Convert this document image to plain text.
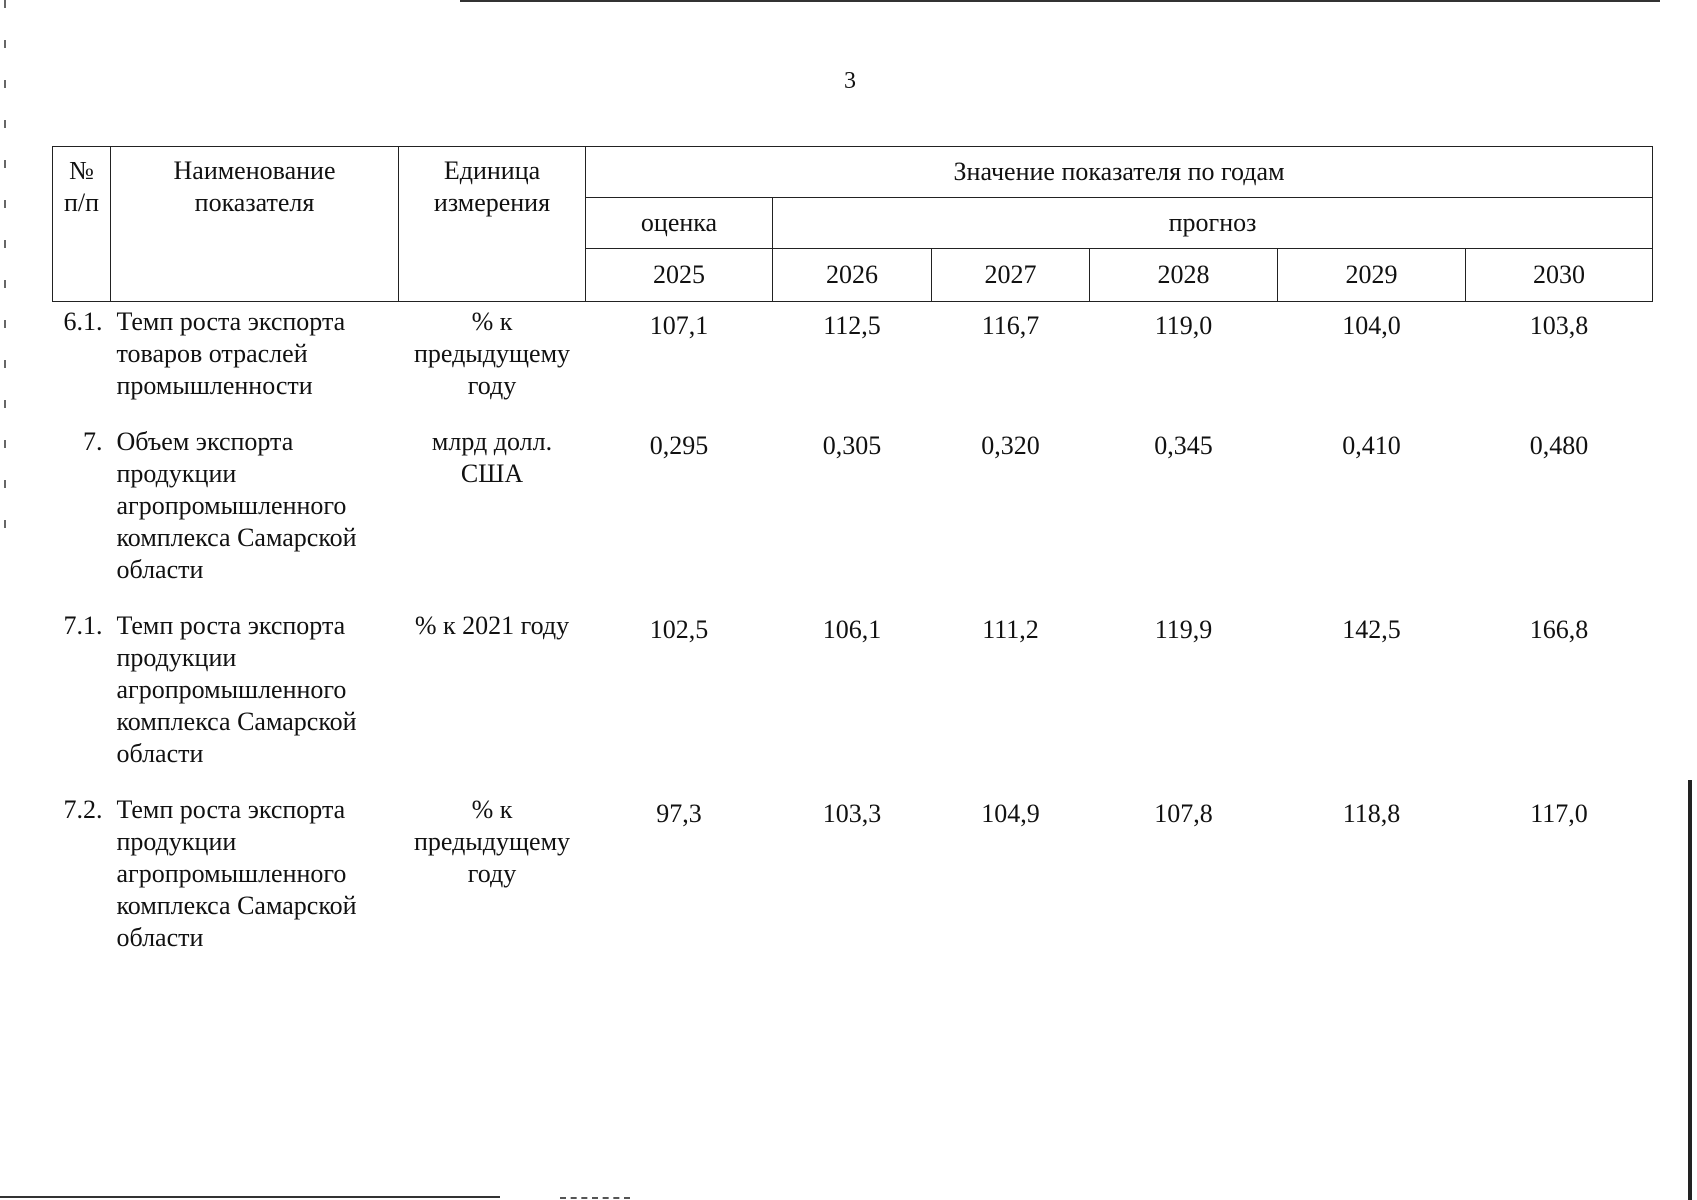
3
№ п/п	Наименование показателя	Единица измерения	Значение показателя по годам					
			оценка	прогноз				
			2025	2026	2027	2028	2029	2030
6.1.	Темп роста экспорта товаров отраслей промышленности	% к предыдущему году	107,1	112,5	116,7	119,0	104,0	103,8
7.	Объем экспорта продукции агропромышленного комплекса Самарской области	млрд долл. США	0,295	0,305	0,320	0,345	0,410	0,480
7.1.	Темп роста экспорта продукции агропромышленного комплекса Самарской области	% к 2021 году	102,5	106,1	111,2	119,9	142,5	166,8
7.2.	Темп роста экспорта продукции агропромышленного комплекса Самарской области	% к предыдущему году	97,3	103,3	104,9	107,8	118,8	117,0
